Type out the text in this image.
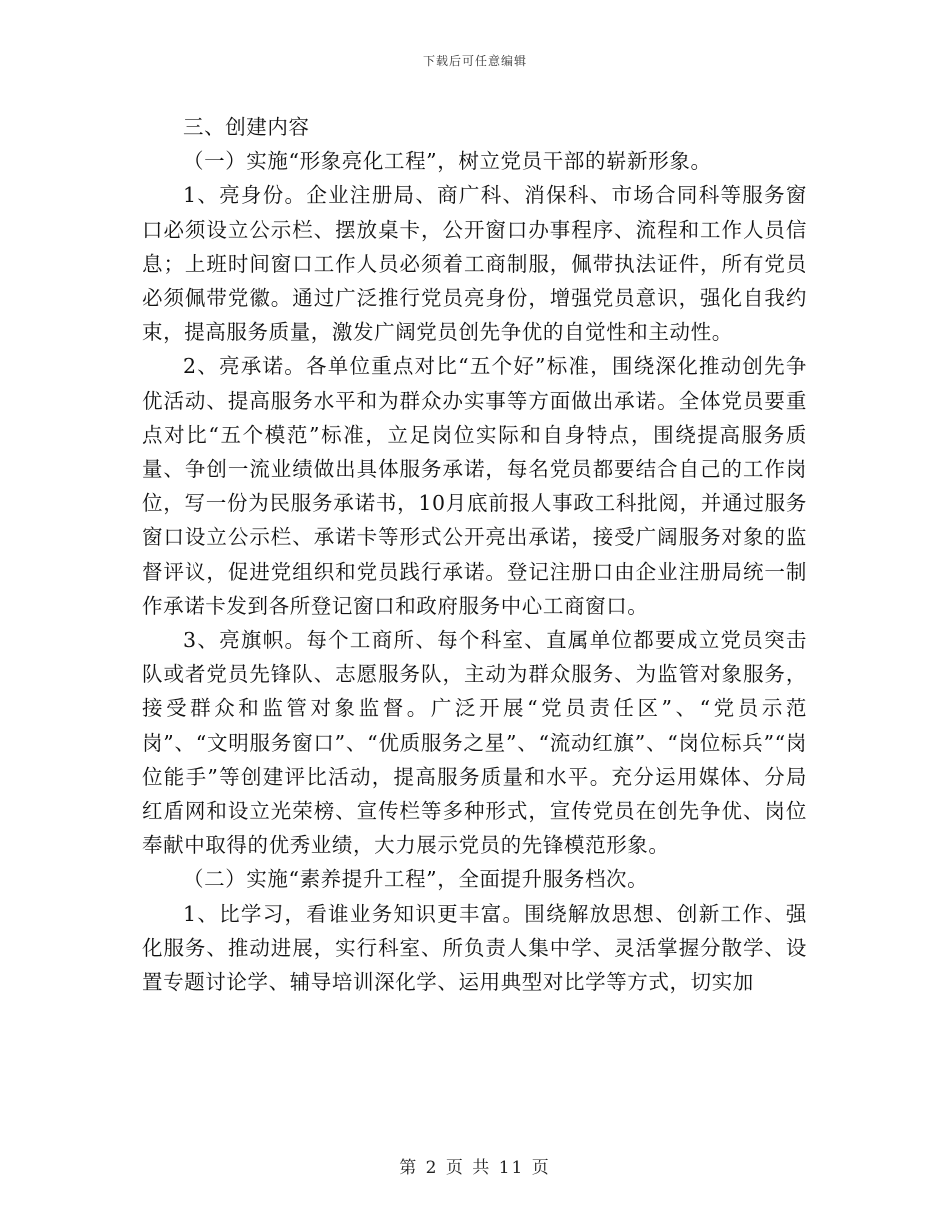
下载后可任意编辑

三、创建内容

（一）实施“形象亮化工程”，树立党员干部的崭新形象。

1、亮身份。企业注册局、商广科、消保科、市场合同科等服务窗口必须设立公示栏、摆放桌卡，公开窗口办事程序、流程和工作人员信息；上班时间窗口工作人员必须着工商制服，佩带执法证件，所有党员必须佩带党徽。通过广泛推行党员亮身份，增强党员意识，强化自我约束，提高服务质量，激发广阔党员创先争优的自觉性和主动性。

2、亮承诺。各单位重点对比“五个好”标准，围绕深化推动创先争优活动、提高服务水平和为群众办实事等方面做出承诺。全体党员要重点对比“五个模范”标准，立足岗位实际和自身特点，围绕提高服务质量、争创一流业绩做出具体服务承诺，每名党员都要结合自己的工作岗位，写一份为民服务承诺书，10月底前报人事政工科批阅，并通过服务窗口设立公示栏、承诺卡等形式公开亮出承诺，接受广阔服务对象的监督评议，促进党组织和党员践行承诺。登记注册口由企业注册局统一制作承诺卡发到各所登记窗口和政府服务中心工商窗口。

3、亮旗帜。每个工商所、每个科室、直属单位都要成立党员突击队或者党员先锋队、志愿服务队，主动为群众服务、为监管对象服务，接受群众和监管对象监督。广泛开展“党员责任区”、“党员示范岗”、“文明服务窗口”、“优质服务之星”、“流动红旗”、“岗位标兵”“岗位能手”等创建评比活动，提高服务质量和水平。充分运用媒体、分局红盾网和设立光荣榜、宣传栏等多种形式，宣传党员在创先争优、岗位奉献中取得的优秀业绩，大力展示党员的先锋模范形象。

（二）实施“素养提升工程”，全面提升服务档次。

1、比学习，看谁业务知识更丰富。围绕解放思想、创新工作、强化服务、推动进展，实行科室、所负责人集中学、灵活掌握分散学、设置专题讨论学、辅导培训深化学、运用典型对比学等方式，切实加

第 2 页 共 11 页
